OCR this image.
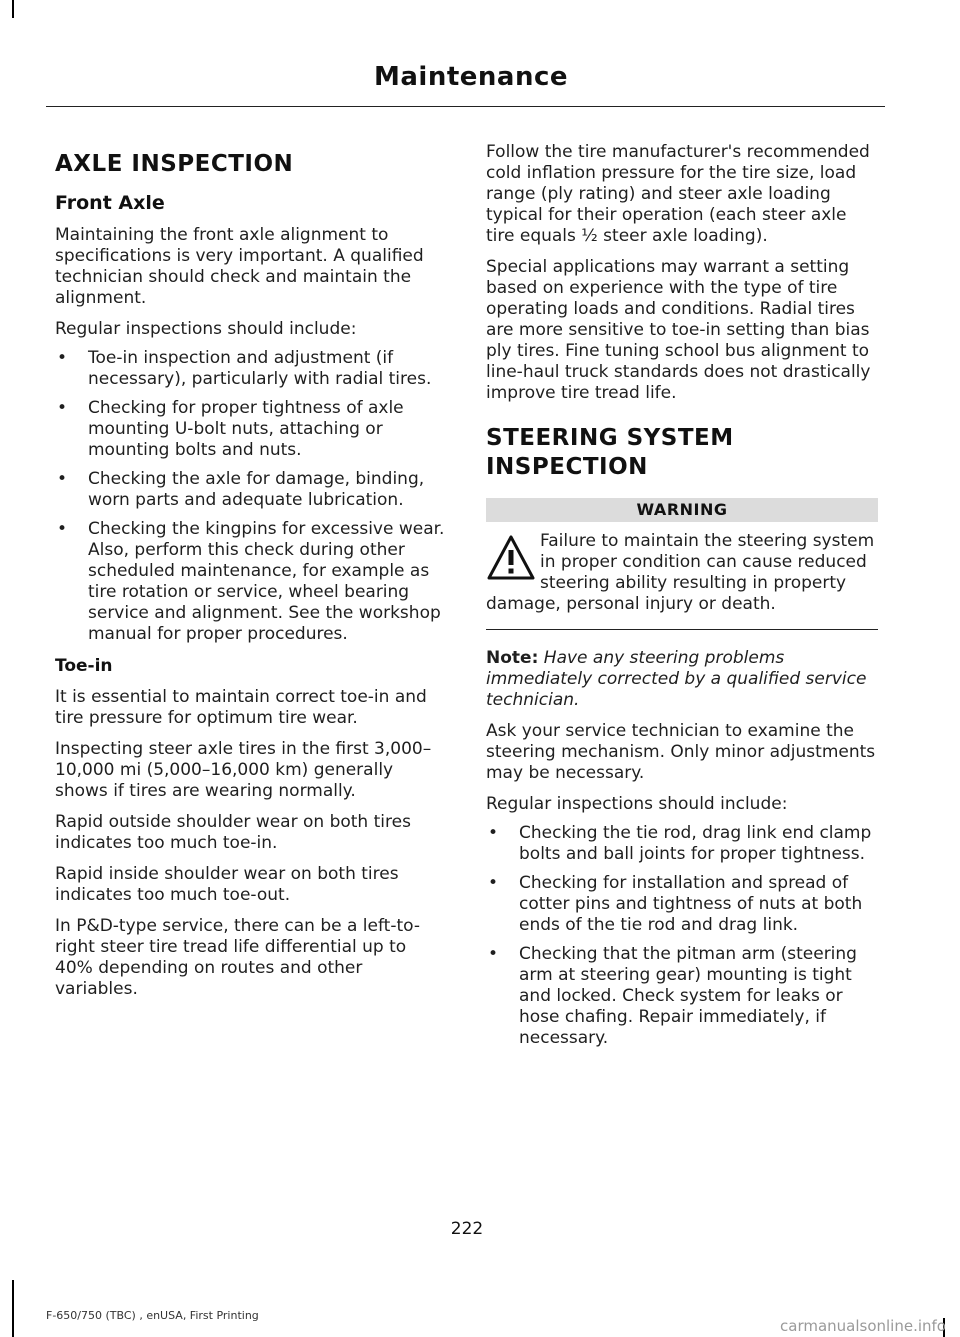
Maintenance
AXLE INSPECTION
Front Axle

Maintaining the front axle alignment to specifications is very important. A qualified technician should check and maintain the alignment.

Regular inspections should include:

• Toe-in inspection and adjustment (if necessary), particularly with radial tires.
• Checking for proper tightness of axle mounting U-bolt nuts, attaching or mounting bolts and nuts.
• Checking the axle for damage, binding, worn parts and adequate lubrication.
• Checking the kingpins for excessive wear. Also, perform this check during other scheduled maintenance, for example as tire rotation or service, wheel bearing service and alignment. See the workshop manual for proper procedures.
Toe-in

It is essential to maintain correct toe-in and tire pressure for optimum tire wear.

Inspecting steer axle tires in the first 3,000–10,000 mi (5,000–16,000 km) generally shows if tires are wearing normally.

Rapid outside shoulder wear on both tires indicates too much toe-in.

Rapid inside shoulder wear on both tires indicates too much toe-out.

In P&D-type service, there can be a left-to-right steer tire tread life differential up to 40% depending on routes and other variables.

Follow the tire manufacturer's recommended cold inflation pressure for the tire size, load range (ply rating) and steer axle loading typical for their operation (each steer axle tire equals ½ steer axle loading).

Special applications may warrant a setting based on experience with the type of tire operating loads and conditions. Radial tires are more sensitive to toe-in setting than bias ply tires. Fine tuning school bus alignment to line-haul truck standards does not drastically improve tire tread life.

STEERING SYSTEM
INSPECTION
WARNING
Failure to maintain the steering system in proper condition can cause reduced steering ability resulting in property damage, personal injury or death.

Note: Have any steering problems immediately corrected by a qualified service technician.

Ask your service technician to examine the steering mechanism. Only minor adjustments may be necessary.

Regular inspections should include:

• Checking the tie rod, drag link end clamp bolts and ball joints for proper tightness.
• Checking for installation and spread of cotter pins and tightness of nuts at both ends of the tie rod and drag link.
• Checking that the pitman arm (steering arm at steering gear) mounting is tight and locked. Check system for leaks or hose chafing. Repair immediately, if necessary.
222
F-650/750 (TBC) , enUSA, First Printing
carmanualsonline.info
